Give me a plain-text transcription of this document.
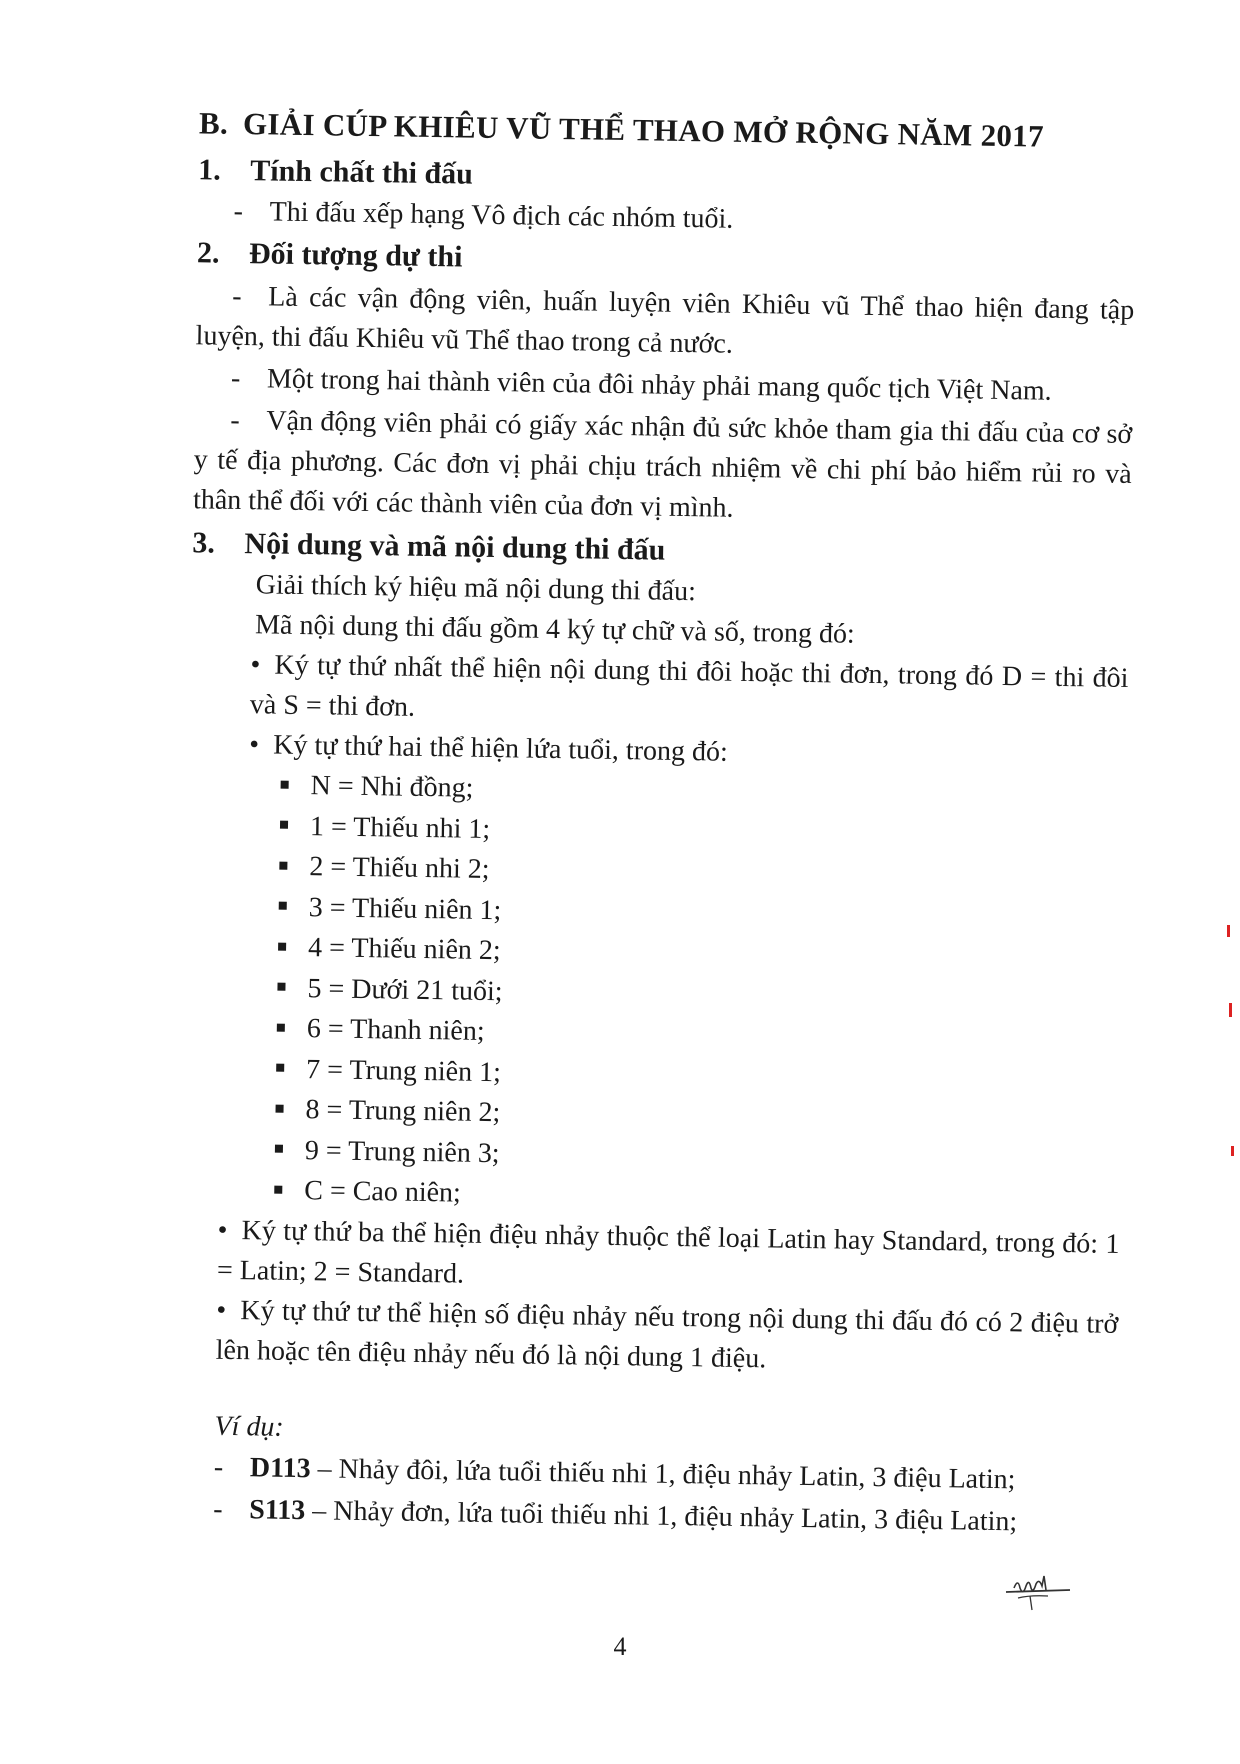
B. GIẢI CÚP KHIÊU VŨ THỂ THAO MỞ RỘNG NĂM 2017
1. Tính chất thi đấu
- Thi đấu xếp hạng Vô địch các nhóm tuổi.
2. Đối tượng dự thi
- Là các vận động viên, huấn luyện viên Khiêu vũ Thể thao hiện đang tập luyện, thi đấu Khiêu vũ Thể thao trong cả nước.
- Một trong hai thành viên của đôi nhảy phải mang quốc tịch Việt Nam.
- Vận động viên phải có giấy xác nhận đủ sức khỏe tham gia thi đấu của cơ sở y tế địa phương. Các đơn vị phải chịu trách nhiệm về chi phí bảo hiểm rủi ro và thân thể đối với các thành viên của đơn vị mình.
3. Nội dung và mã nội dung thi đấu
Giải thích ký hiệu mã nội dung thi đấu:
Mã nội dung thi đấu gồm 4 ký tự chữ và số, trong đó:
• Ký tự thứ nhất thể hiện nội dung thi đôi hoặc thi đơn, trong đó D = thi đôi và S = thi đơn.
• Ký tự thứ hai thể hiện lứa tuổi, trong đó:
N = Nhi đồng;
1 = Thiếu nhi 1;
2 = Thiếu nhi 2;
3 = Thiếu niên 1;
4 = Thiếu niên 2;
5 = Dưới 21 tuổi;
6 = Thanh niên;
7 = Trung niên 1;
8 = Trung niên 2;
9 = Trung niên 3;
C = Cao niên;
• Ký tự thứ ba thể hiện điệu nhảy thuộc thể loại Latin hay Standard, trong đó: 1 = Latin; 2 = Standard.
• Ký tự thứ tư thể hiện số điệu nhảy nếu trong nội dung thi đấu đó có 2 điệu trở lên hoặc tên điệu nhảy nếu đó là nội dung 1 điệu.
Ví dụ:
- D113 – Nhảy đôi, lứa tuổi thiếu nhi 1, điệu nhảy Latin, 3 điệu Latin;
- S113 – Nhảy đơn, lứa tuổi thiếu nhi 1, điệu nhảy Latin, 3 điệu Latin;
4
